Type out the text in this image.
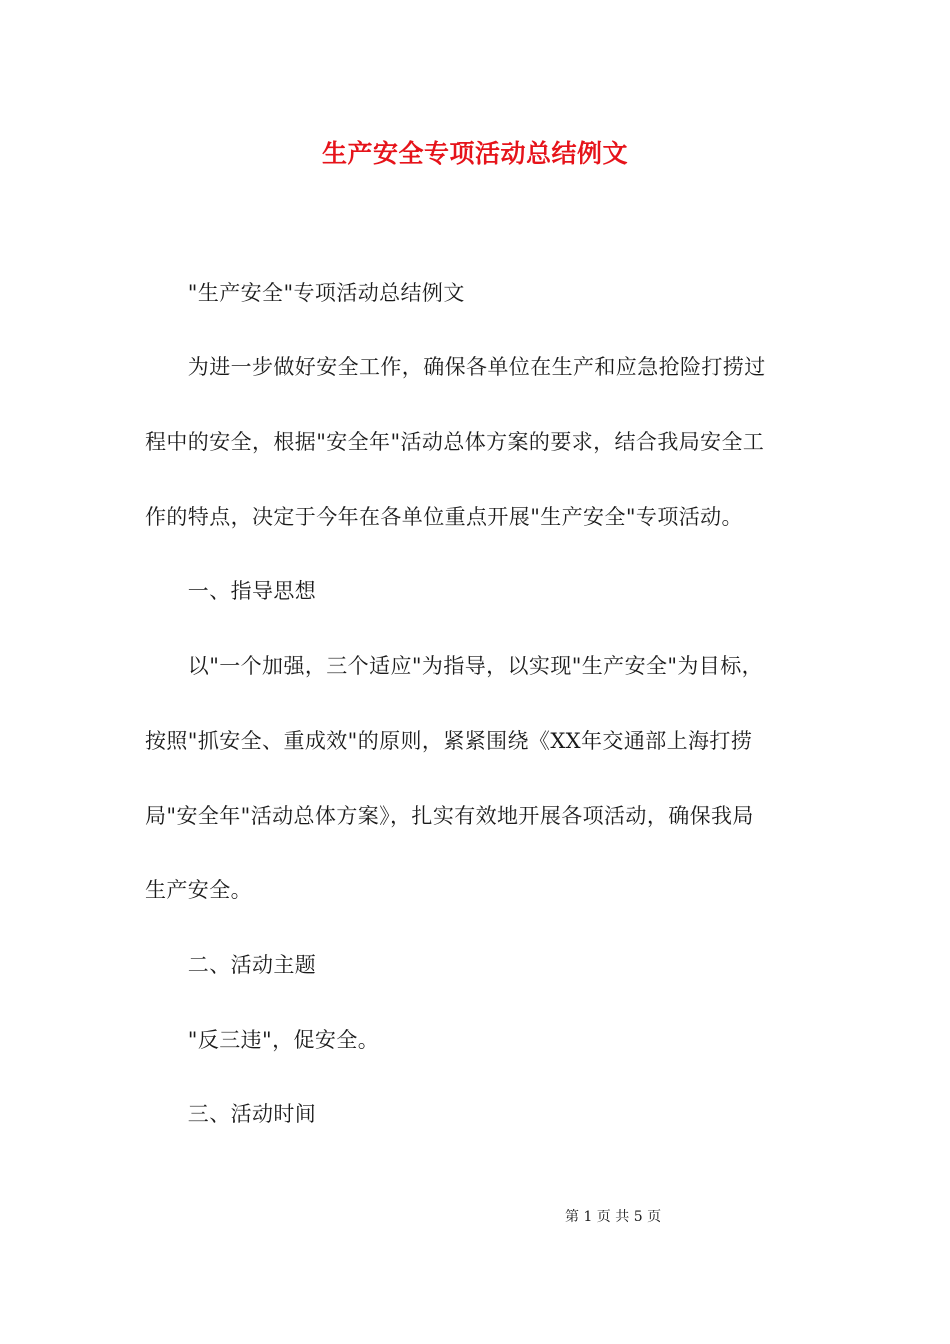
生产安全专项活动总结例文
　　"生产安全"专项活动总结例文
　　为进一步做好安全工作，确保各单位在生产和应急抢险打捞过
程中的安全，根据"安全年"活动总体方案的要求，结合我局安全工
作的特点，决定于今年在各单位重点开展"生产安全"专项活动。
　　一、指导思想
　　以"一个加强，三个适应"为指导，以实现"生产安全"为目标，
按照"抓安全、重成效"的原则，紧紧围绕《XX年交通部上海打捞
局"安全年"活动总体方案》，扎实有效地开展各项活动，确保我局
生产安全。
　　二、活动主题
　　"反三违"，促安全。
　　三、活动时间
第 1 页 共 5 页
